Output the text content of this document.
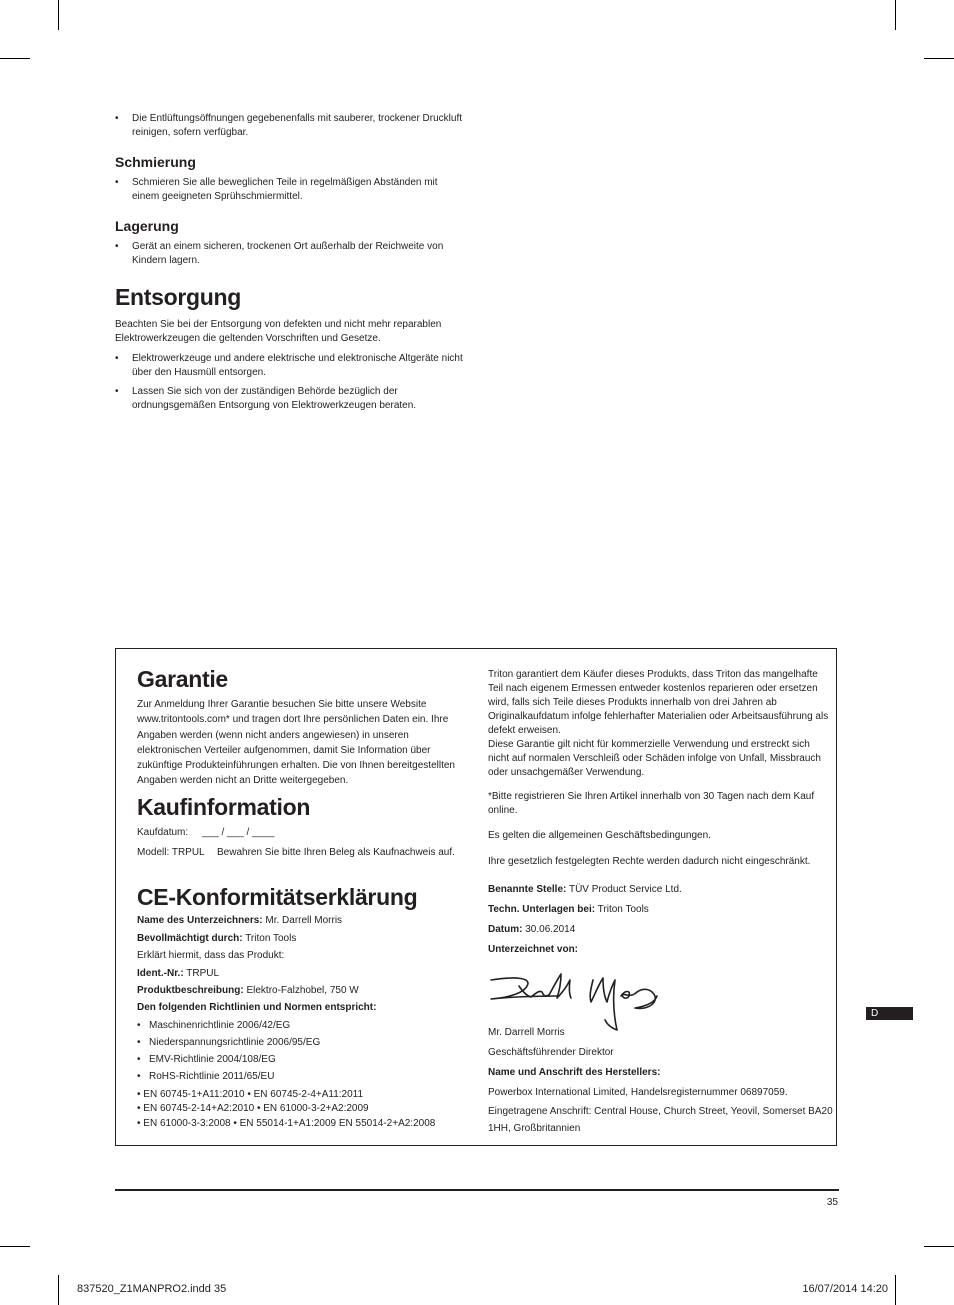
• Die Entlüftungsöffnungen gegebenenfalls mit sauberer, trockener Druckluft reinigen, sofern verfügbar.
Schmierung
• Schmieren Sie alle beweglichen Teile in regelmäßigen Abständen mit einem geeigneten Sprühschmiermittel.
Lagerung
• Gerät an einem sicheren, trockenen Ort außerhalb der Reichweite von Kindern lagern.
Entsorgung
Beachten Sie bei der Entsorgung von defekten und nicht mehr reparablen Elektrowerkzeugen die geltenden Vorschriften und Gesetze.
• Elektrowerkzeuge und andere elektrische und elektronische Altgeräte nicht über den Hausmüll entsorgen.
• Lassen Sie sich von der zuständigen Behörde bezüglich der ordnungsgemäßen Entsorgung von Elektrowerkzeugen beraten.
Garantie
Zur Anmeldung Ihrer Garantie besuchen Sie bitte unsere Website www.tritontools.com* und tragen dort Ihre persönlichen Daten ein. Ihre Angaben werden (wenn nicht anders angewiesen) in unseren elektronischen Verteiler aufgenommen, damit Sie Information über zukünftige Produkteinführungen erhalten. Die von Ihnen bereitgestellten Angaben werden nicht an Dritte weitergegeben.
Kaufinformation
Kaufdatum: ___ / ___ / ____
Modell: TRPUL Bewahren Sie bitte Ihren Beleg als Kaufnachweis auf.
CE-Konformitätserklärung
Name des Unterzeichners: Mr. Darrell Morris
Bevollmächtigt durch: Triton Tools
Erklärt hiermit, dass das Produkt:
Ident.-Nr.: TRPUL
Produktbeschreibung: Elektro-Falzhobel, 750 W
Den folgenden Richtlinien und Normen entspricht:
• Maschinenrichtlinie 2006/42/EG
• Niederspannungsrichtlinie 2006/95/EG
• EMV-Richtlinie 2004/108/EG
• RoHS-Richtlinie 2011/65/EU
• EN 60745-1+A11:2010 • EN 60745-2-4+A11:2011
• EN 60745-2-14+A2:2010 • EN 61000-3-2+A2:2009
• EN 61000-3-3:2008 • EN 55014-1+A1:2009 EN 55014-2+A2:2008
Triton garantiert dem Käufer dieses Produkts, dass Triton das mangelhafte Teil nach eigenem Ermessen entweder kostenlos reparieren oder ersetzen wird, falls sich Teile dieses Produkts innerhalb von drei Jahren ab Originalkaufdatum infolge fehlerhafter Materialien oder Arbeitsausführung als defekt erweisen.
Diese Garantie gilt nicht für kommerzielle Verwendung und erstreckt sich nicht auf normalen Verschleiß oder Schäden infolge von Unfall, Missbrauch oder unsachgemäßer Verwendung.
*Bitte registrieren Sie Ihren Artikel innerhalb von 30 Tagen nach dem Kauf online.
Es gelten die allgemeinen Geschäftsbedingungen.
Ihre gesetzlich festgelegten Rechte werden dadurch nicht eingeschränkt.
Benannte Stelle: TÜV Product Service Ltd.
Techn. Unterlagen bei: Triton Tools
Datum: 30.06.2014
Unterzeichnet von:
Mr. Darrell Morris
Geschäftsführender Direktor
Name und Anschrift des Herstellers:
Powerbox International Limited, Handelsregisternummer 06897059.
Eingetragene Anschrift: Central House, Church Street, Yeovil, Somerset BA20 1HH, Großbritannien
D
35
837520_Z1MANPRO2.indd 35	16/07/2014 14:20
